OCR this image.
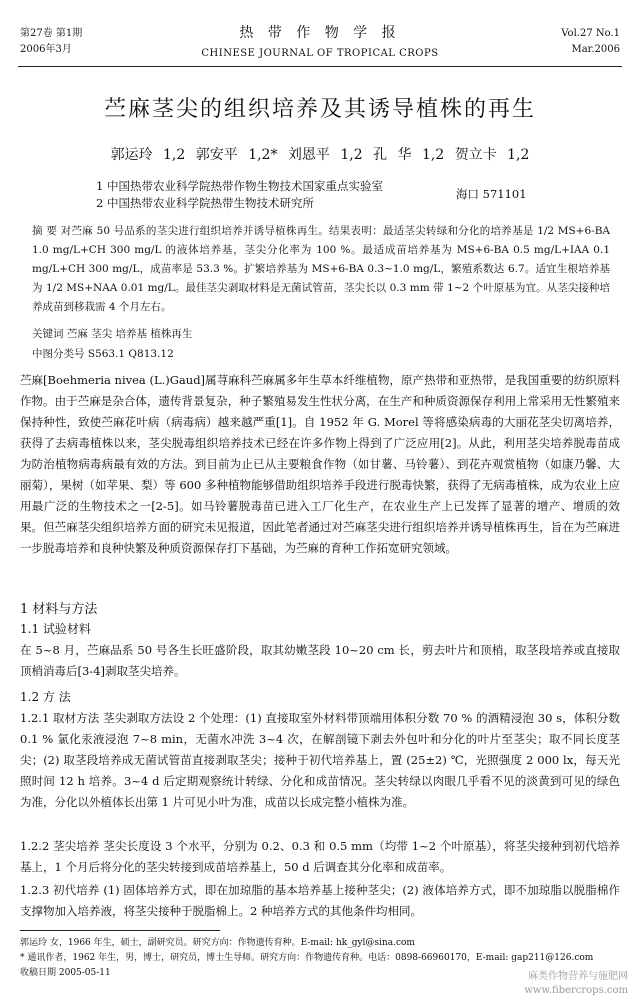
第27卷 第1期
2006年3月
热 带 作 物 学 报
CHINESE JOURNAL OF TROPICAL CROPS
Vol.27 No.1
Mar.2006
苎麻茎尖的组织培养及其诱导植株的再生
郭运玲 1,2 郭安平 1,2* 刘恩平 1,2 孔 华 1,2 贺立卡 1,2
1 中国热带农业科学院热带作物生物技术国家重点实验室
2 中国热带农业科学院热带生物技术研究所
海口 571101
摘 要 对苎麻 50 号品系的茎尖进行组织培养并诱导植株再生。结果表明：最适茎尖转绿和分化的培养基是 1/2 MS+6-BA 1.0 mg/L+CH 300 mg/L 的液体培养基，茎尖分化率为 100 %。最适成苗培养基为 MS+6-BA 0.5 mg/L+IAA 0.1 mg/L+CH 300 mg/L，成苗率是 53.3 %。扩繁培养基为 MS+6-BA 0.3~1.0 mg/L，繁殖系数达 6.7。适宜生根培养基为 1/2 MS+NAA 0.01 mg/L。最佳茎尖剥取材料是无菌试管苗，茎尖长以 0.3 mm 带 1~2 个叶原基为宜。从茎尖接种培养成苗到移栽需 4 个月左右。
关键词 苎麻 茎尖 培养基 植株再生
中图分类号 S563.1 Q813.12
苎麻[Boehmeria nivea (L.)Gaud]属荨麻科苎麻属多年生草本纤维植物，原产热带和亚热带，是我国重要的纺织原料作物。由于苎麻是杂合体，遗传背景复杂，种子繁殖易发生性状分离，在生产和种质资源保存利用上常采用无性繁殖来保持种性，致使苎麻花叶病（病毒病）越来越严重[1]。自 1952 年 G. Morel 等将感染病毒的大丽花茎尖切离培养，获得了去病毒植株以来，茎尖脱毒组织培养技术已经在许多作物上得到了广泛应用[2]。从此，利用茎尖培养脱毒苗成为防治植物病毒病最有效的方法。到目前为止已从主要粮食作物（如甘薯、马铃薯）、到花卉观赏植物（如康乃馨、大丽菊），果树（如苹果、梨）等 600 多种植物能够借助组织培养手段进行脱毒快繁，获得了无病毒植株，成为农业上应用最广泛的生物技术之一[2-5]。如马铃薯脱毒苗已进入工厂化生产，在农业生产上已发挥了显著的增产、增质的效果。但苎麻茎尖组织培养方面的研究未见报道，因此笔者通过对苎麻茎尖进行组织培养并诱导植株再生，旨在为苎麻进一步脱毒培养和良种快繁及种质资源保存打下基础，为苎麻的育种工作拓宽研究领域。
1 材料与方法
1.1 试验材料
在 5~8 月，苎麻品系 50 号各生长旺盛阶段，取其幼嫩茎段 10~20 cm 长，剪去叶片和顶梢，取茎段培养或直接取顶梢消毒后[3-4]剥取茎尖培养。
1.2 方 法
1.2.1 取材方法 茎尖剥取方法设 2 个处理：(1) 直接取室外材料带顶端用体积分数 70 % 的酒精浸泡 30 s，体积分数 0.1 % 氯化汞液浸泡 7~8 min，无菌水冲洗 3~4 次，在解剖镜下剥去外包叶和分化的叶片至茎尖；取不同长度茎尖；(2) 取茎段培养成无菌试管苗直接剥取茎尖；接种于初代培养基上，置 (25±2) ℃，光照强度 2 000 lx，每天光照时间 12 h 培养。3~4 d 后定期观察统计转绿、分化和成苗情况。茎尖转绿以肉眼几乎看不见的淡黄到可见的绿色为准，分化以外植体长出第 1 片可见小叶为准，成苗以长成完整小植株为准。
1.2.2 茎尖培养 茎尖长度设 3 个水平，分别为 0.2、0.3 和 0.5 mm（均带 1~2 个叶原基），将茎尖接种到初代培养基上，1 个月后将分化的茎尖转接到成苗培养基上，50 d 后调查其分化率和成苗率。
1.2.3 初代培养 (1) 固体培养方式，即在加琼脂的基本培养基上接种茎尖；(2) 液体培养方式，即不加琼脂以脱脂棉作支撑物加入培养液，将茎尖接种于脱脂棉上。2 种培养方式的其他条件均相同。
郭运玲 女，1966 年生，硕士，副研究员。研究方向：作物遗传育种。E-mail: hk_gyl@sina.com
* 通讯作者，1962 年生，男，博士，研究员，博士生导师。研究方向：作物遗传育种。电话：0898-66960170，E-mail: gap211@126.com
收稿日期 2005-05-11	麻类作物营养与施肥网
www.fibercrops.com
